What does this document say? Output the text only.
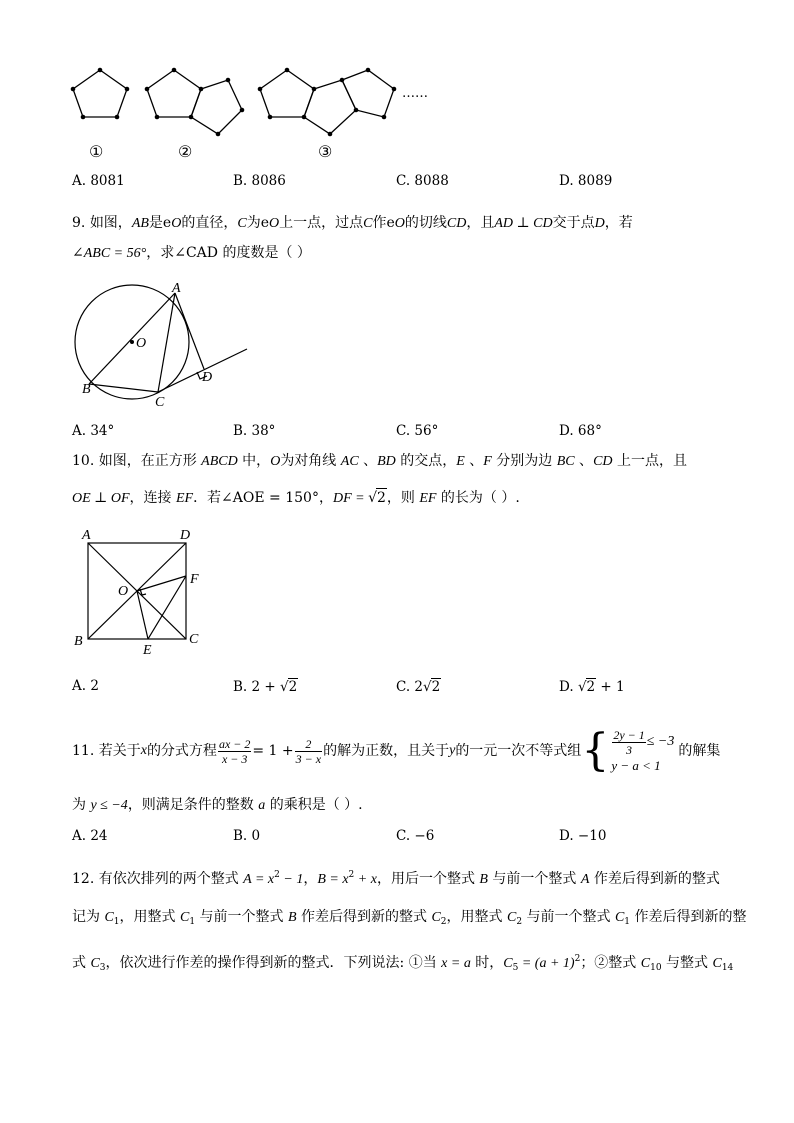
……
①	②	③
A. 8081	B. 8086	C. 8088	D. 8089
9. 如图，AB是eO的直径，C为eO上一点，过点C作eO的切线CD，且AD ⊥ CD交于点D，若
∠ABC = 56°，求∠CAD 的度数是（ ）
A
O
B
C
D
A. 34°	B. 38°	C. 56°	D. 68°
10. 如图，在正方形 ABCD 中，O为对角线 AC 、BD 的交点，E 、F 分别为边 BC 、CD 上一点，且
OE ⊥ OF，连接 EF．若∠AOE = 150°，DF = √2，则 EF 的长为（ ）.
A	D
O
F
B	C
E
A. 2	B. 2 + √2	C. 2√2	D. √2 + 1
11. 若关于 x 的分式方程 $\frac{ax - 2}{x - 3} = 1 + \frac{2}{3 - x}$ 的解为正数，且关于 y 的一元一次不等式组 { $\frac{2y - 1}{3} \le -3$
y − a < 1
的解集
为 y ≤ −4，则满足条件的整数 a 的乘积是（ ）.
A. 24	B. 0	C. −6	D. −10
12. 有依次排列的两个整式 $A = x^2 - 1$，$B = x^2 + x$，用后一个整式 B 与前一个整式 A 作差后得到新的整式
记为 $C_1$，用整式 $C_1$ 与前一个整式 B 作差后得到新的整式 $C_2$，用整式 $C_2$ 与前一个整式 $C_1$ 作差后得到新的整
式 $C_3$，依次进行作差的操作得到新的整式．下列说法: ①当 x = a 时，$C_5 = (a + 1)^2$；②整式 $C_{10}$ 与整式 $C_{14}$
